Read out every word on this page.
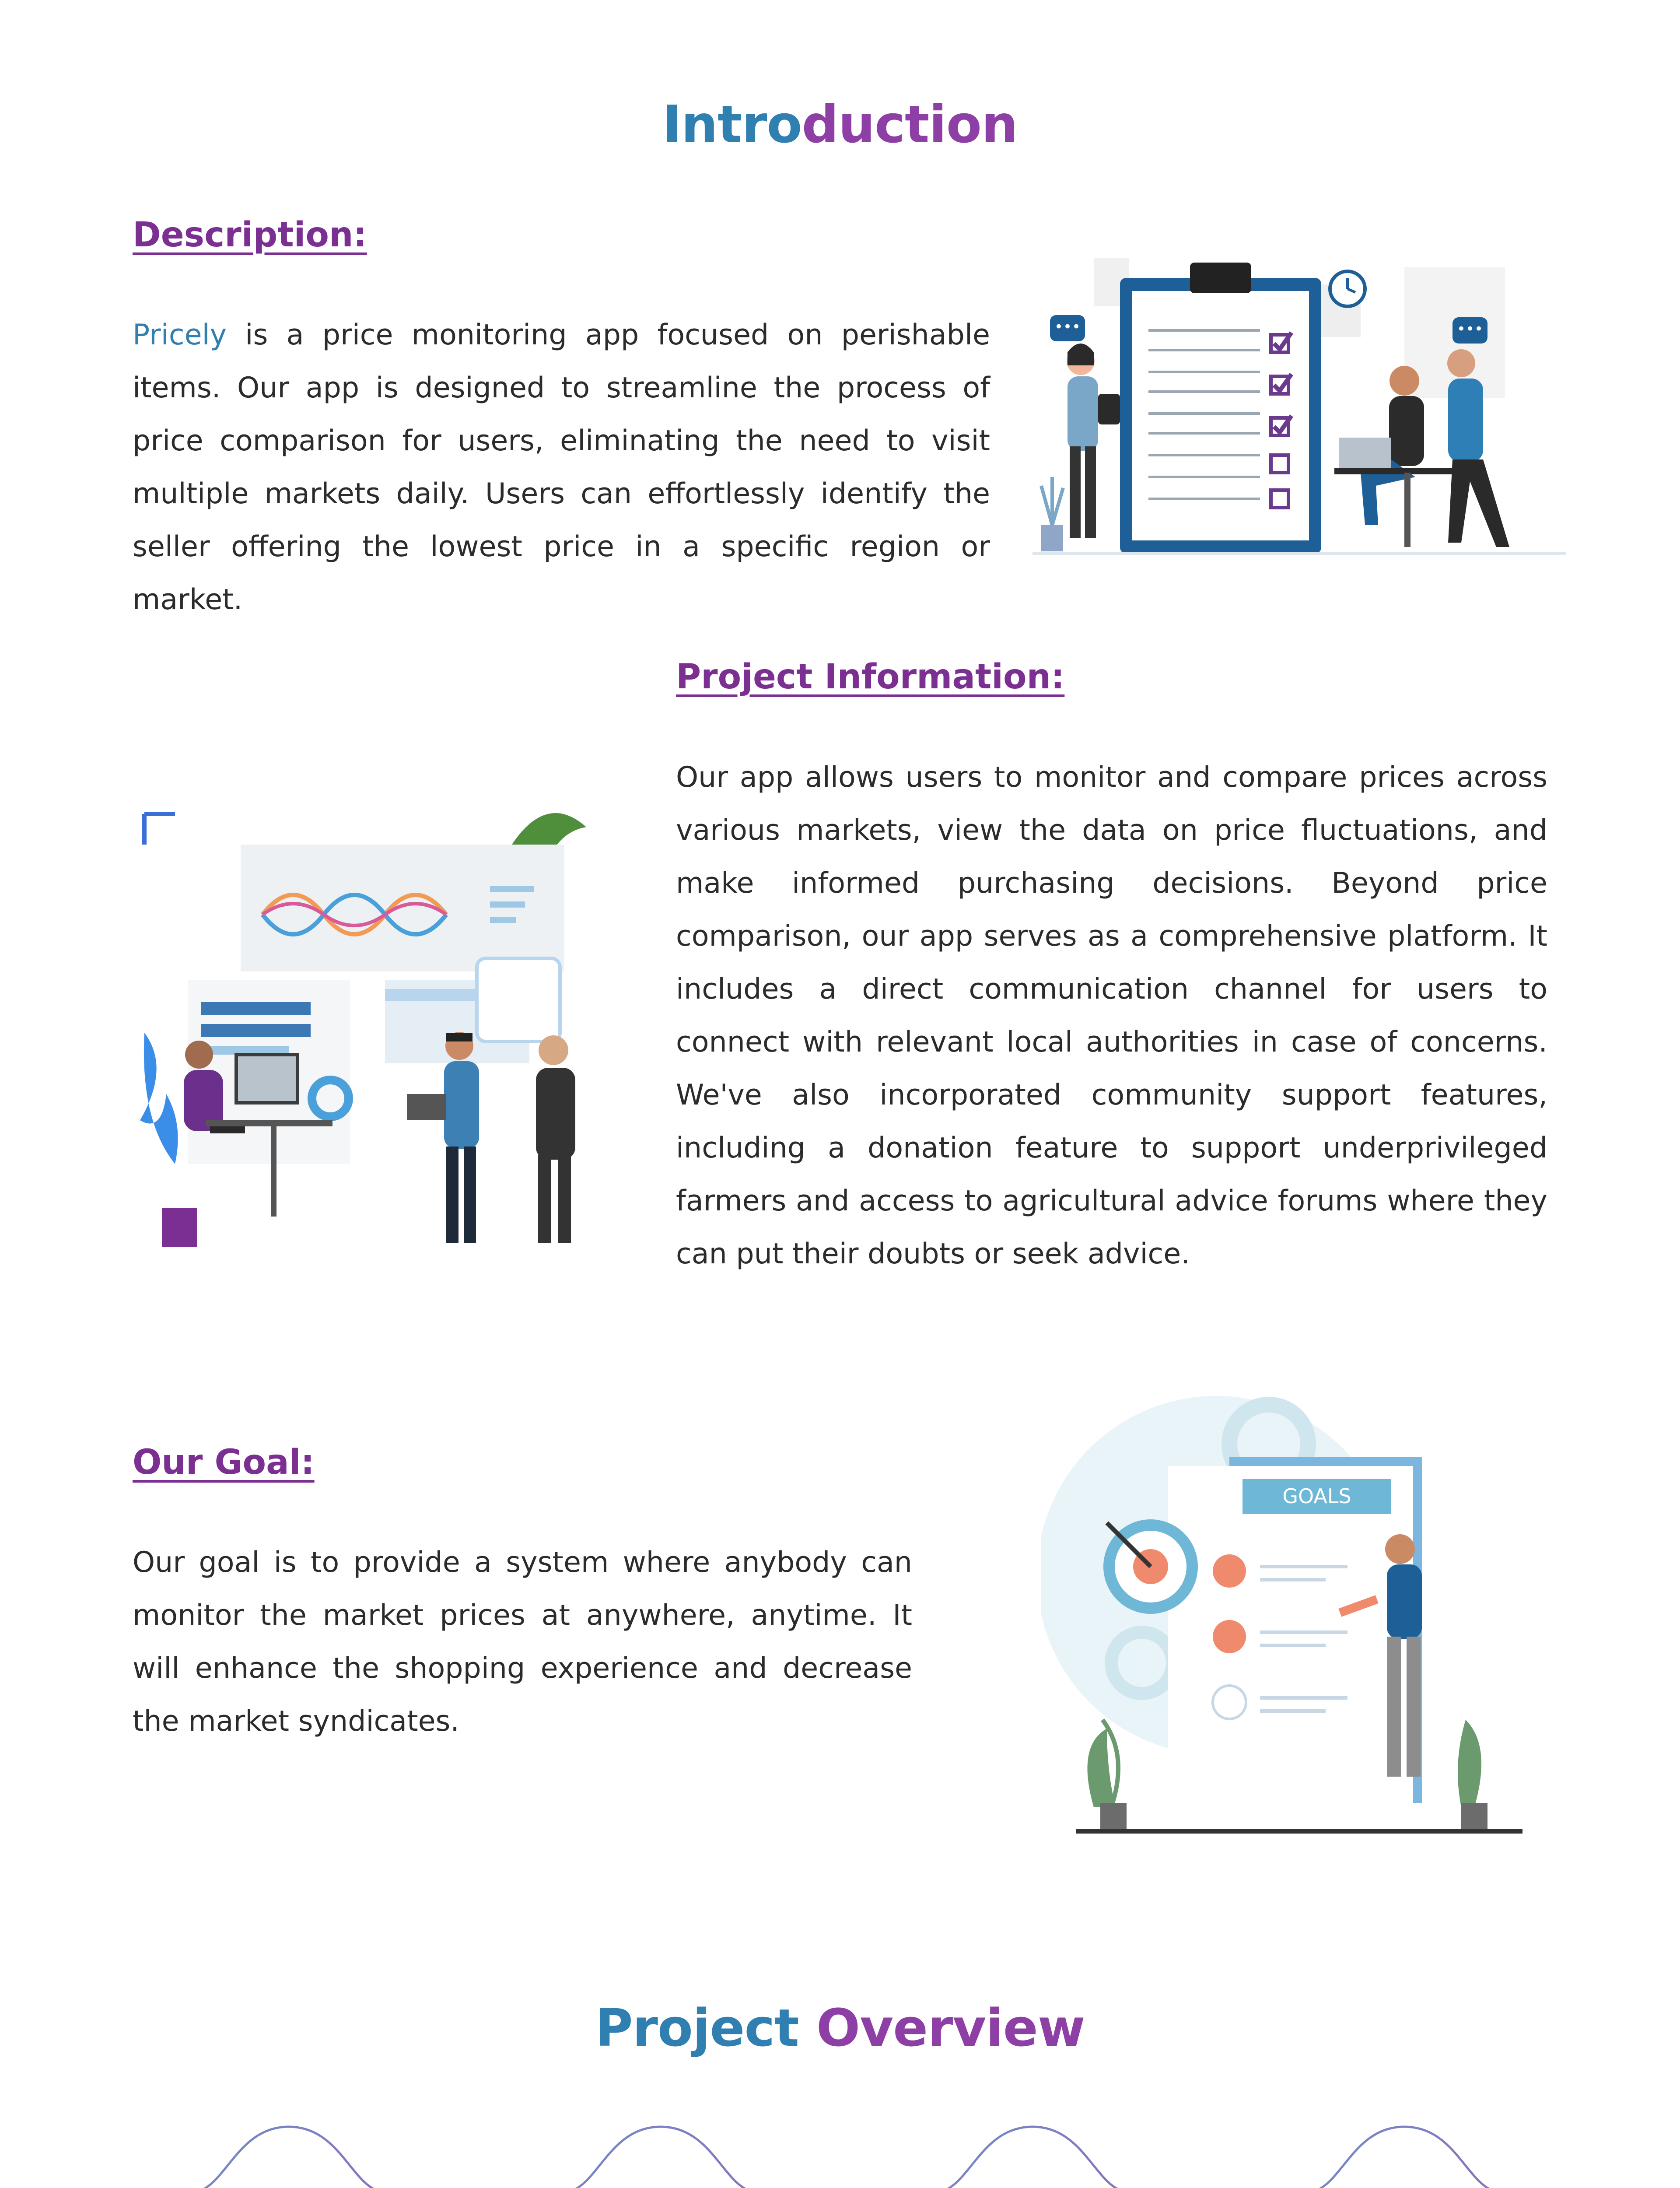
Introduction
Description:
Pricely is a price monitoring app focused on perishable items. Our app is designed to streamline the process of price comparison for users, eliminating the need to visit multiple markets daily. Users can effortlessly identify the seller offering the lowest price in a specific region or market.
•••	•••
Project Information:
Our app allows users to monitor and compare prices across various markets, view the data on price fluctuations, and make informed purchasing decisions. Beyond price comparison, our app serves as a comprehensive platform. It includes a direct communication channel for users to connect with relevant local authorities in case of concerns. We've also incorporated community support features, including a donation feature to support underprivileged farmers and access to agricultural advice forums where they can put their doubts or seek advice.
Our Goal:
Our goal is to provide a system where anybody can monitor the market prices at anywhere, anytime. It will enhance the shopping experience and decrease the market syndicates.
GOALS
Project Overview
